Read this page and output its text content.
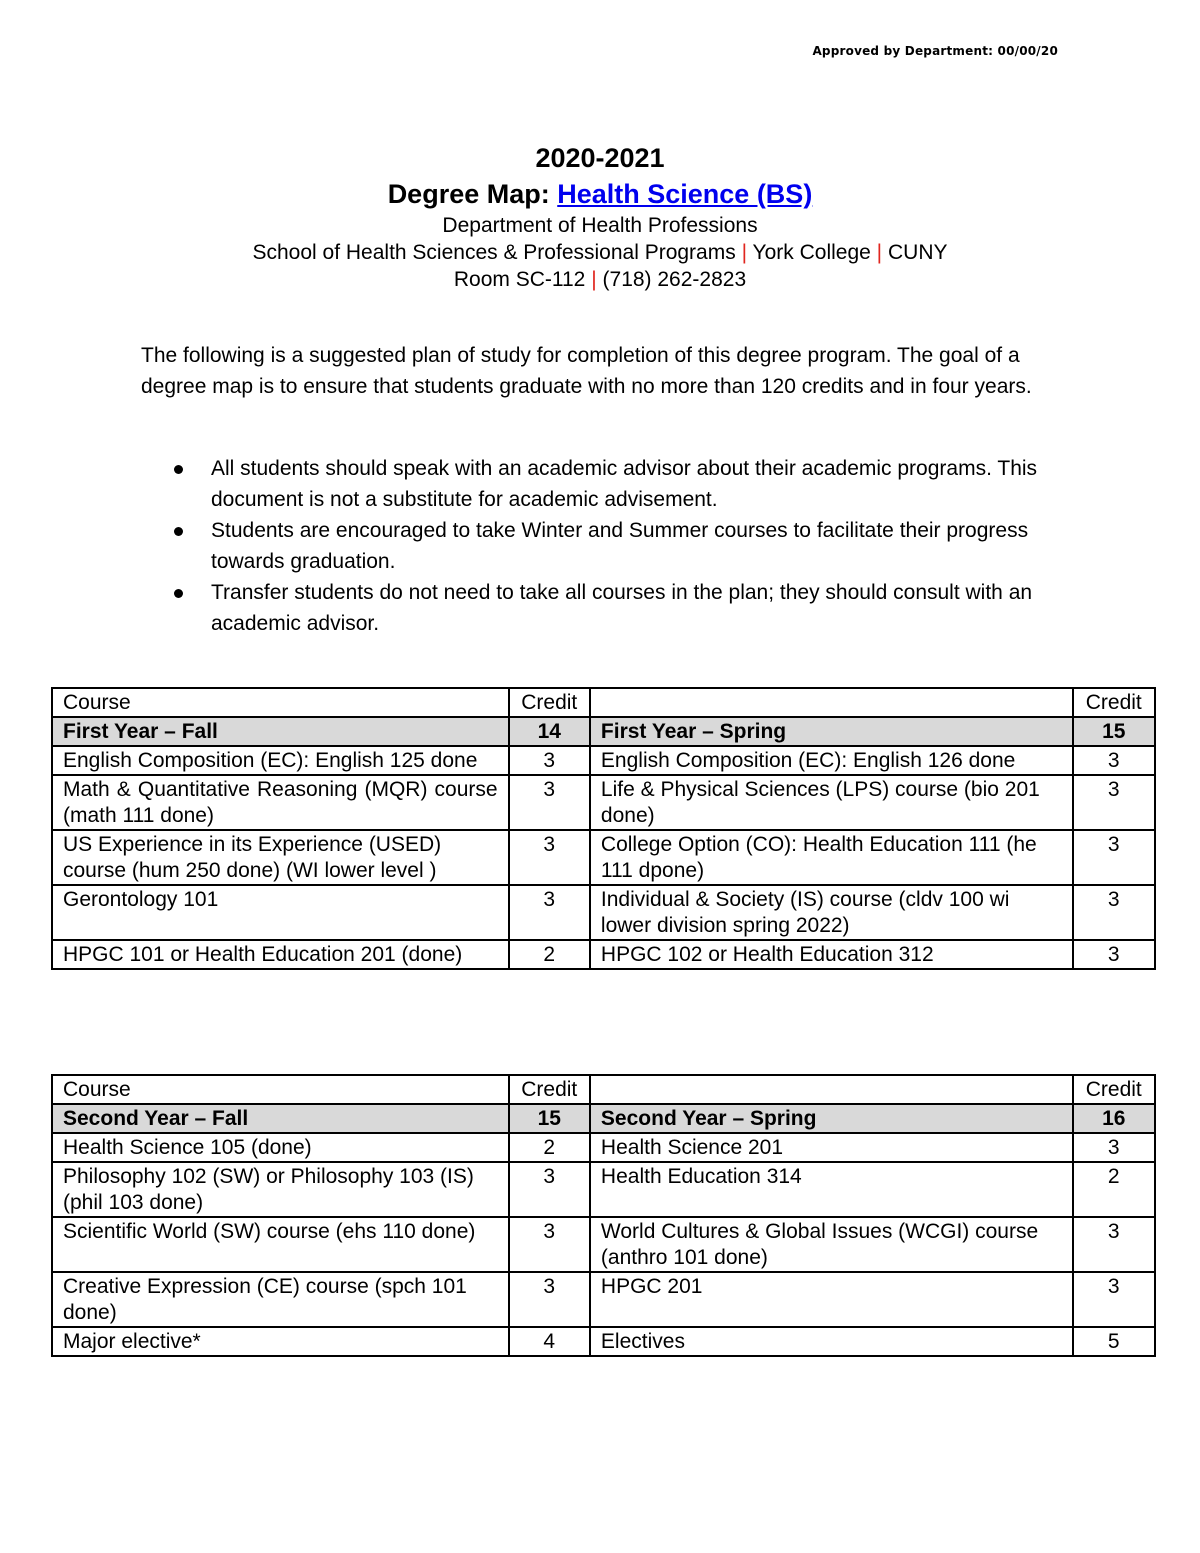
Approved by Department: 00/00/20
2020-2021
Degree Map: Health Science (BS)
Department of Health Professions
School of Health Sciences & Professional Programs | York College | CUNY
Room SC-112 | (718) 262-2823
The following is a suggested plan of study for completion of this degree program. The goal of a degree map is to ensure that students graduate with no more than 120 credits and in four years.
All students should speak with an academic advisor about their academic programs. This document is not a substitute for academic advisement.
Students are encouraged to take Winter and Summer courses to facilitate their progress towards graduation.
Transfer students do not need to take all courses in the plan; they should consult with an academic advisor.
Course	Credit		Credit
First Year – Fall	14	First Year – Spring	15
English Composition (EC): English 125 done	3	English Composition (EC): English 126 done	3
Math & Quantitative Reasoning (MQR) course (math 111 done)	3	Life & Physical Sciences (LPS) course (bio 201 done)	3
US Experience in its Experience (USED) course (hum 250 done) (WI lower level )	3	College Option (CO): Health Education 111 (he 111 dpone)	3
Gerontology 101	3	Individual & Society (IS) course (cldv 100 wi lower division spring 2022)	3
HPGC 101 or Health Education 201 (done)	2	HPGC 102 or Health Education 312	3
Course	Credit		Credit
Second Year – Fall	15	Second Year – Spring	16
Health Science 105 (done)	2	Health Science 201	3
Philosophy 102 (SW) or Philosophy 103 (IS) (phil 103 done)	3	Health Education 314	2
Scientific World (SW) course (ehs 110 done)	3	World Cultures & Global Issues (WCGI) course (anthro 101 done)	3
Creative Expression (CE) course (spch 101 done)	3	HPGC 201	3
Major elective*	4	Electives	5
